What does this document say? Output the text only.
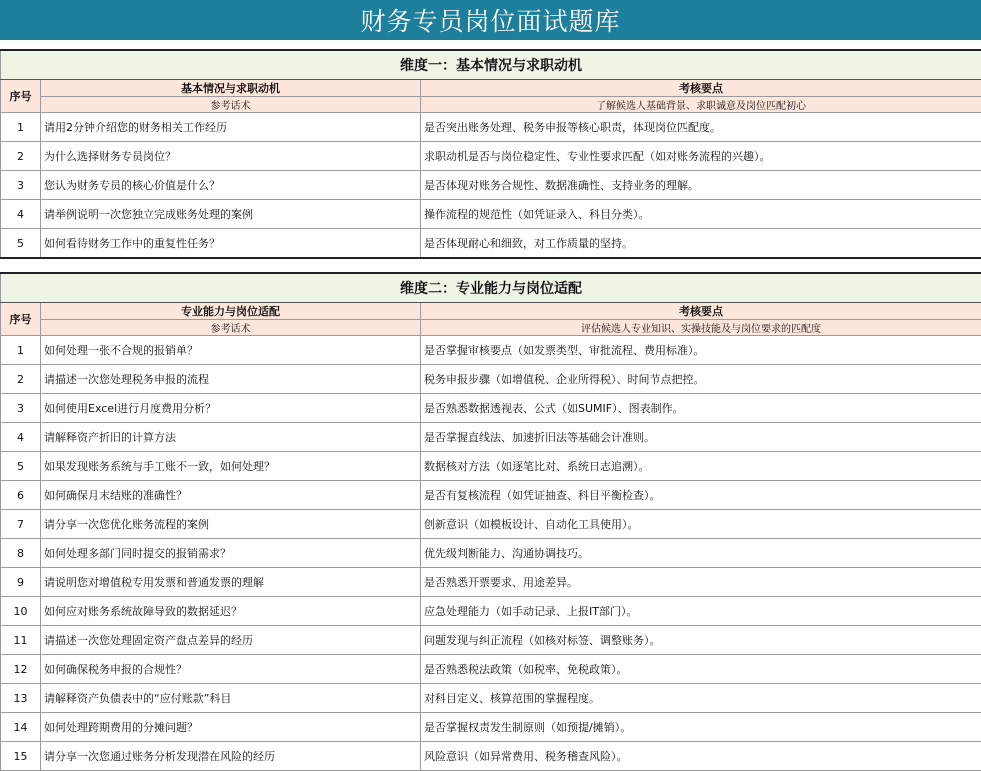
财务专员岗位面试题库
维度一：基本情况与求职动机		
序号	基本情况与求职动机	考核要点
	参考话术	了解候选人基础背景、求职诚意及岗位匹配初心
1	请用2分钟介绍您的财务相关工作经历	是否突出账务处理、税务申报等核心职责，体现岗位匹配度。
2	为什么选择财务专员岗位？	求职动机是否与岗位稳定性、专业性要求匹配（如对账务流程的兴趣）。
3	您认为财务专员的核心价值是什么？	是否体现对账务合规性、数据准确性、支持业务的理解。
4	请举例说明一次您独立完成账务处理的案例	操作流程的规范性（如凭证录入、科目分类）。
5	如何看待财务工作中的重复性任务？	是否体现耐心和细致，对工作质量的坚持。
维度二：专业能力与岗位适配		
序号	专业能力与岗位适配	考核要点
	参考话术	评估候选人专业知识、实操技能及与岗位要求的匹配度
1	如何处理一张不合规的报销单？	是否掌握审核要点（如发票类型、审批流程、费用标准）。
2	请描述一次您处理税务申报的流程	税务申报步骤（如增值税、企业所得税）、时间节点把控。
3	如何使用Excel进行月度费用分析？	是否熟悉数据透视表、公式（如SUMIF）、图表制作。
4	请解释资产折旧的计算方法	是否掌握直线法、加速折旧法等基础会计准则。
5	如果发现账务系统与手工账不一致，如何处理？	数据核对方法（如逐笔比对、系统日志追溯）。
6	如何确保月末结账的准确性？	是否有复核流程（如凭证抽查、科目平衡检查）。
7	请分享一次您优化账务流程的案例	创新意识（如模板设计、自动化工具使用）。
8	如何处理多部门同时提交的报销需求？	优先级判断能力、沟通协调技巧。
9	请说明您对增值税专用发票和普通发票的理解	是否熟悉开票要求、用途差异。
10	如何应对账务系统故障导致的数据延迟？	应急处理能力（如手动记录、上报IT部门）。
11	请描述一次您处理固定资产盘点差异的经历	问题发现与纠正流程（如核对标签、调整账务）。
12	如何确保税务申报的合规性？	是否熟悉税法政策（如税率、免税政策）。
13	请解释资产负债表中的“应付账款”科目	对科目定义、核算范围的掌握程度。
14	如何处理跨期费用的分摊问题？	是否掌握权责发生制原则（如预提/摊销）。
15	请分享一次您通过账务分析发现潜在风险的经历	风险意识（如异常费用、税务稽查风险）。
